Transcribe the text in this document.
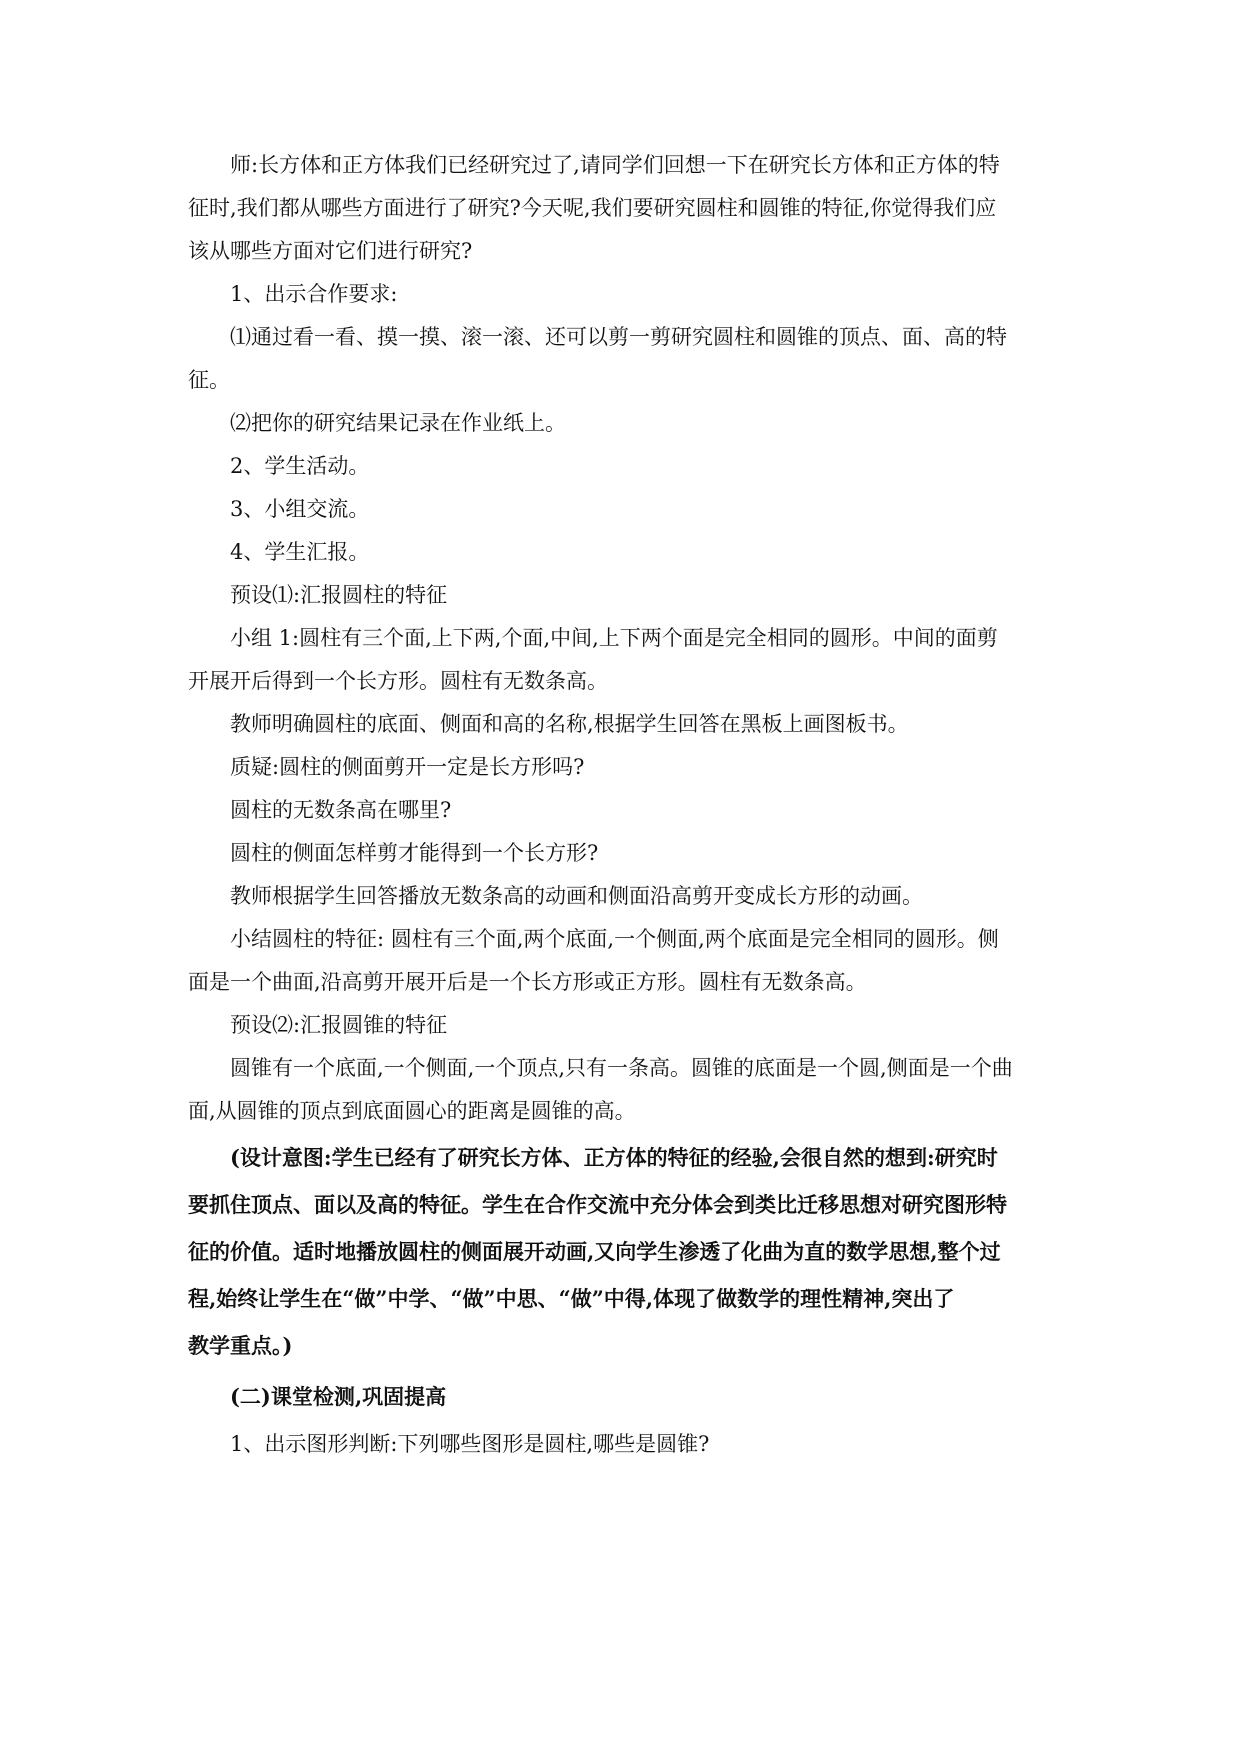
师:长方体和正方体我们已经研究过了,请同学们回想一下在研究长方体和正方体的特
征时,我们都从哪些方面进行了研究?今天呢,我们要研究圆柱和圆锥的特征,你觉得我们应
该从哪些方面对它们进行研究?
1、出示合作要求:
⑴通过看一看、摸一摸、滚一滚、还可以剪一剪研究圆柱和圆锥的顶点、面、高的特
征。
⑵把你的研究结果记录在作业纸上。
2、学生活动。
3、小组交流。
4、学生汇报。
预设⑴:汇报圆柱的特征
小组 1:圆柱有三个面,上下两,个面,中间,上下两个面是完全相同的圆形。中间的面剪
开展开后得到一个长方形。圆柱有无数条高。
教师明确圆柱的底面、侧面和高的名称,根据学生回答在黑板上画图板书。
质疑:圆柱的侧面剪开一定是长方形吗?
圆柱的无数条高在哪里?
圆柱的侧面怎样剪才能得到一个长方形?
教师根据学生回答播放无数条高的动画和侧面沿高剪开变成长方形的动画。
小结圆柱的特征: 圆柱有三个面,两个底面,一个侧面,两个底面是完全相同的圆形。侧
面是一个曲面,沿高剪开展开后是一个长方形或正方形。圆柱有无数条高。
预设⑵:汇报圆锥的特征
圆锥有一个底面,一个侧面,一个顶点,只有一条高。圆锥的底面是一个圆,侧面是一个曲
面,从圆锥的顶点到底面圆心的距离是圆锥的高。
(设计意图:学生已经有了研究长方体、正方体的特征的经验,会很自然的想到:研究时
要抓住顶点、面以及高的特征。学生在合作交流中充分体会到类比迁移思想对研究图形特
征的价值。适时地播放圆柱的侧面展开动画,又向学生渗透了化曲为直的数学思想,整个过
程,始终让学生在“做”中学、“做”中思、“做”中得,体现了做数学的理性精神,突出了
教学重点。)
(二)课堂检测,巩固提高
1、出示图形判断:下列哪些图形是圆柱,哪些是圆锥?
